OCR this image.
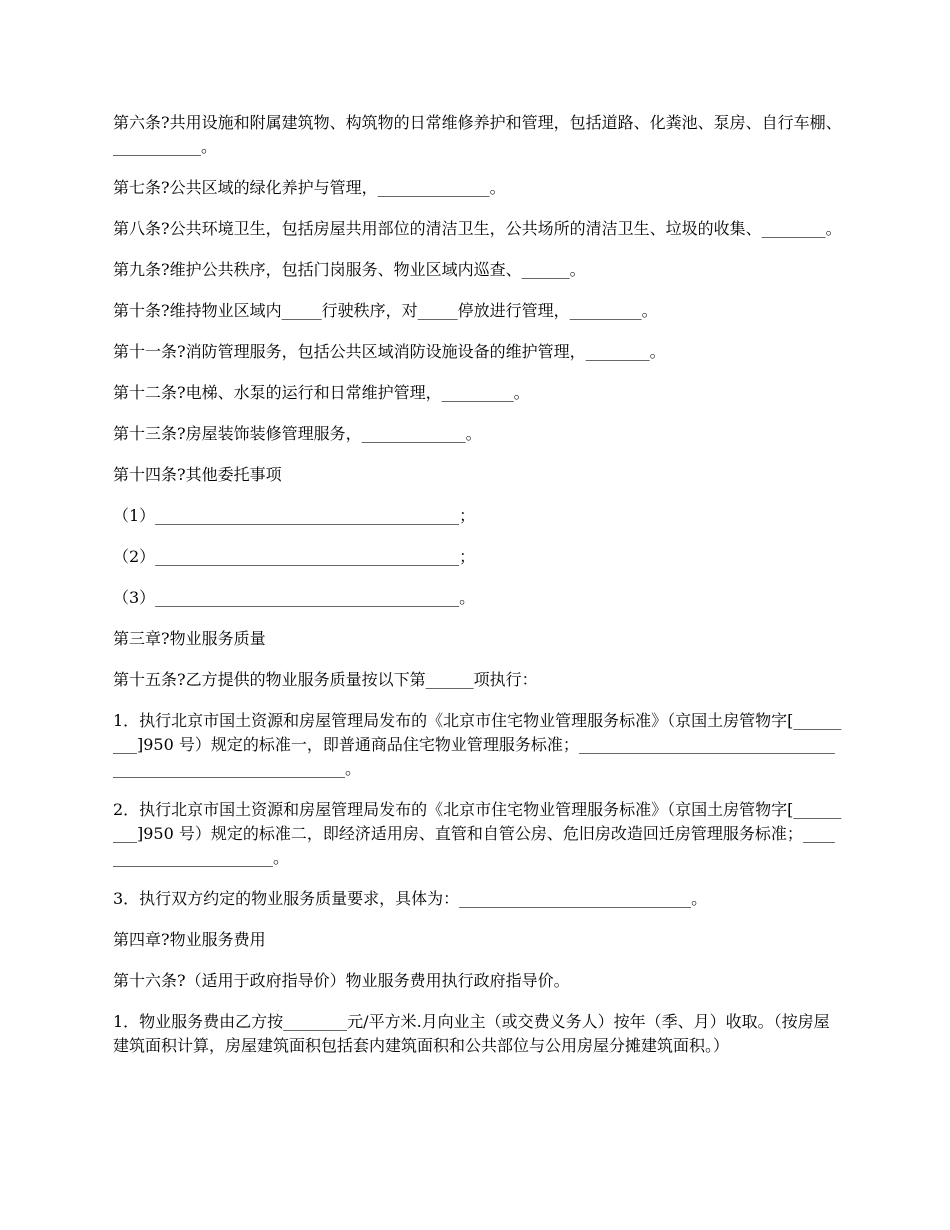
第六条?共用设施和附属建筑物、构筑物的日常维修养护和管理，包括道路、化粪池、泵房、自行车棚、___________。

第七条?公共区域的绿化养护与管理，______________。

第八条?公共环境卫生，包括房屋共用部位的清洁卫生，公共场所的清洁卫生、垃圾的收集、________。

第九条?维护公共秩序，包括门岗服务、物业区域内巡查、______。

第十条?维持物业区域内_____行驶秩序，对_____停放进行管理，_________。

第十一条?消防管理服务，包括公共区域消防设施设备的维护管理，________。

第十二条?电梯、水泵的运行和日常维护管理，_________。

第十三条?房屋装饰装修管理服务，_____________。

第十四条?其他委托事项

（1）______________________________________；

（2）______________________________________；

（3）______________________________________。

第三章?物业服务质量

第十五条?乙方提供的物业服务质量按以下第______项执行：

1．执行北京市国土资源和房屋管理局发布的《北京市住宅物业管理服务标准》（京国土房管物字[_________]950 号）规定的标准一，即普通商品住宅物业管理服务标准；_____________________________________________________________。

2．执行北京市国土资源和房屋管理局发布的《北京市住宅物业管理服务标准》（京国土房管物字[_________]950 号）规定的标准二，即经济适用房、直管和自管公房、危旧房改造回迁房管理服务标准；________________________。

3．执行双方约定的物业服务质量要求，具体为：_____________________________。

第四章?物业服务费用

第十六条?（适用于政府指导价）物业服务费用执行政府指导价。

1．物业服务费由乙方按________元/平方米.月向业主（或交费义务人）按年（季、月）收取。（按房屋建筑面积计算，房屋建筑面积包括套内建筑面积和公共部位与公用房屋分摊建筑面积。）
